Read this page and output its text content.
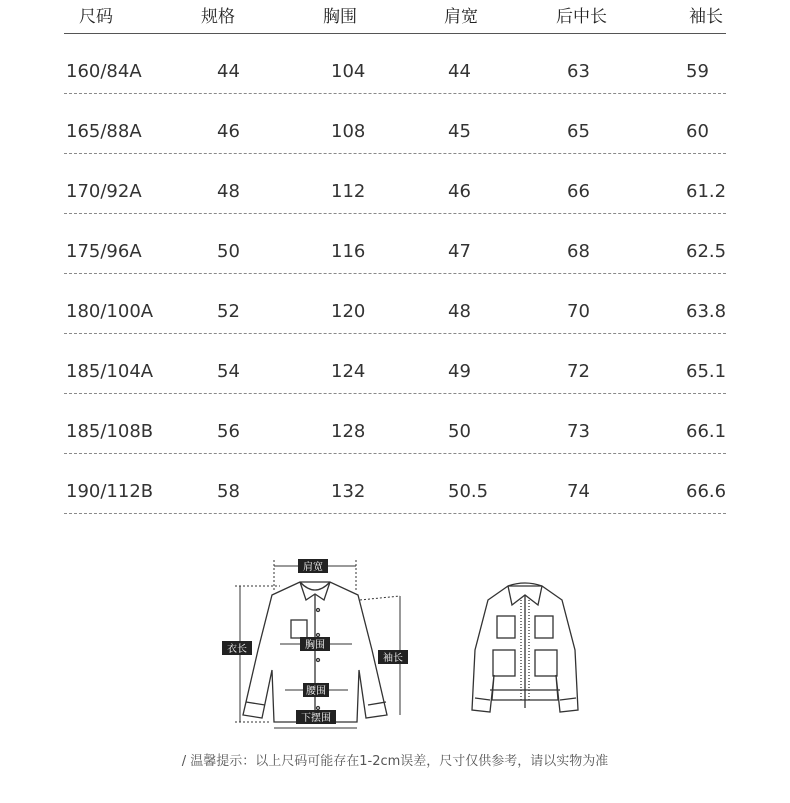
尺码	规格	胸围	肩宽	后中长	袖长
160/84A	44	104	44	63	59
165/88A	46	108	45	65	60
170/92A	48	112	46	66	61.2
175/96A	50	116	47	68	62.5
180/100A	52	120	48	70	63.8
185/104A	54	124	49	72	65.1
185/108B	56	128	50	73	66.1
190/112B	58	132	50.5	74	66.6
肩宽
衣长	胸围
袖长
腰围
下摆围
/ 温馨提示：以上尺码可能存在1-2cm误差，尺寸仅供参考，请以实物为准
